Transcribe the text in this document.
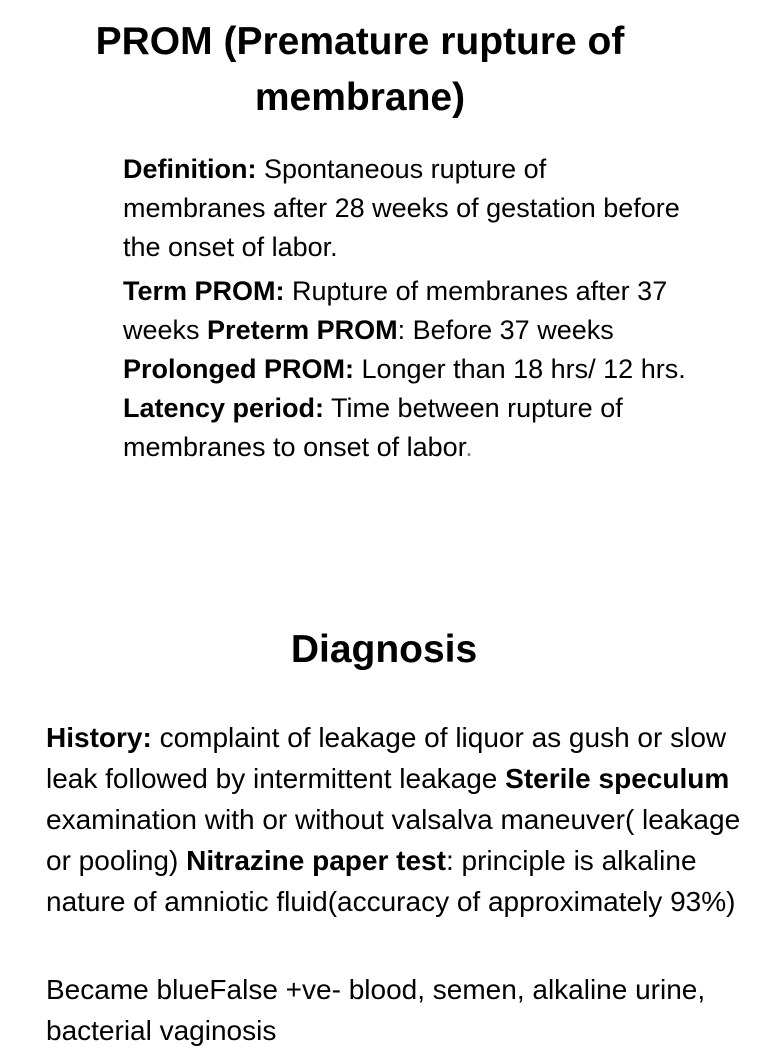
PROM (Premature rupture of membrane)

Definition: Spontaneous rupture of membranes after 28 weeks of gestation before the onset of labor.

Term PROM: Rupture of membranes after 37 weeks Preterm PROM: Before 37 weeks Prolonged PROM: Longer than 18 hrs/ 12 hrs. Latency period: Time between rupture of membranes to onset of labor.

Diagnosis

History: complaint of leakage of liquor as gush or slow leak followed by intermittent leakage Sterile speculum examination with or without valsalva maneuver( leakage or pooling) Nitrazine paper test: principle is alkaline nature of amniotic fluid(accuracy of approximately 93%)

Became blueFalse +ve- blood, semen, alkaline urine, bacterial vaginosis
